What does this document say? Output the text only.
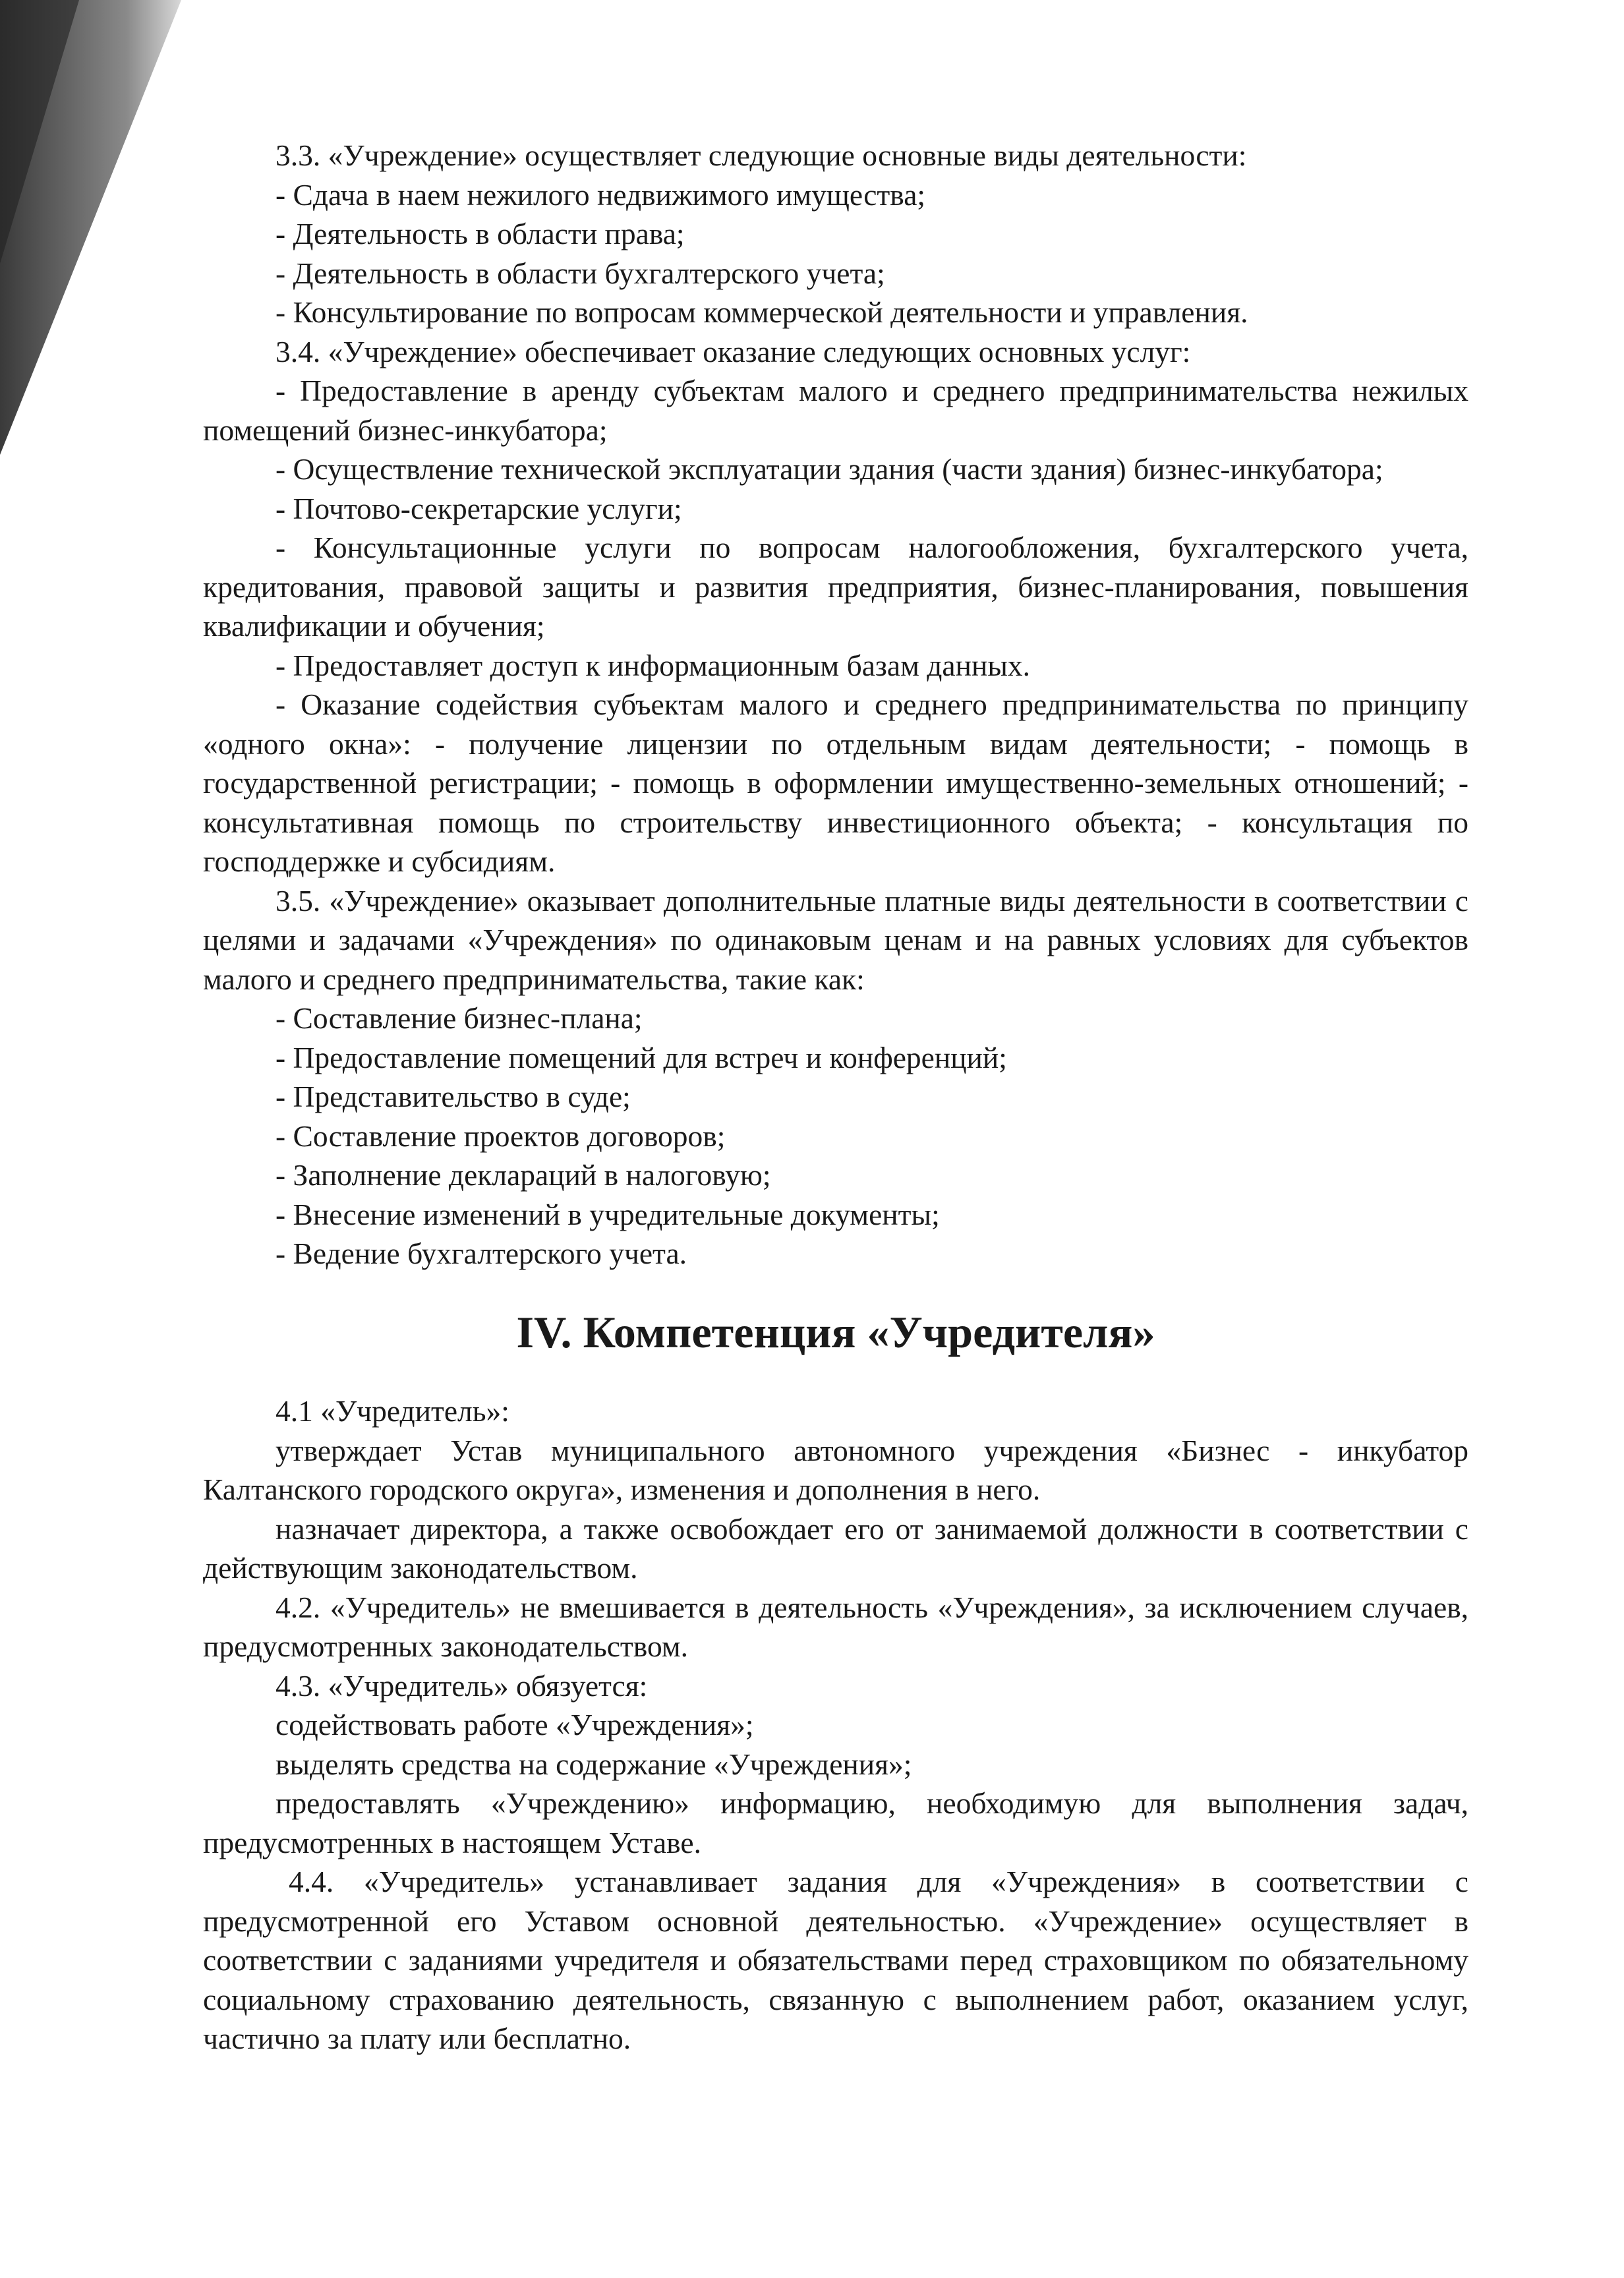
3.3. «Учреждение» осуществляет следующие основные виды деятельности:

- Сдача в наем нежилого недвижимого имущества;

- Деятельность в области права;

- Деятельность в области бухгалтерского учета;

- Консультирование по вопросам коммерческой деятельности и управления.

3.4. «Учреждение» обеспечивает оказание следующих основных услуг:

- Предоставление в аренду субъектам малого и среднего предпринимательства нежилых помещений бизнес-инкубатора;

- Осуществление технической эксплуатации здания (части здания) бизнес-инкубатора;

- Почтово-секретарские услуги;

- Консультационные услуги по вопросам налогообложения, бухгалтерского учета, кредитования, правовой защиты и развития предприятия, бизнес-планирования, повышения квалификации и обучения;

- Предоставляет доступ к информационным базам данных.

- Оказание содействия субъектам малого и среднего предпринимательства по принципу «одного окна»: - получение лицензии по отдельным видам деятельности; - помощь в государственной регистрации; - помощь в оформлении имущественно-земельных отношений; - консультативная помощь по строительству инвестиционного объекта; - консультация по господдержке и субсидиям.

3.5. «Учреждение» оказывает дополнительные платные виды деятельности в соответствии с целями и задачами «Учреждения» по одинаковым ценам и на равных условиях для субъектов малого и среднего предпринимательства, такие как:

- Составление бизнес-плана;

- Предоставление помещений для встреч и конференций;

- Представительство в суде;

- Составление проектов договоров;

- Заполнение деклараций в налоговую;

- Внесение изменений в учредительные документы;

- Ведение бухгалтерского учета.

IV. Компетенция «Учредителя»

4.1 «Учредитель»:

утверждает Устав муниципального автономного учреждения «Бизнес - инкубатор Калтанского городского округа», изменения и дополнения в него.

назначает директора, а также освобождает его от занимаемой должности в соответствии с действующим законодательством.

4.2. «Учредитель» не вмешивается в деятельность «Учреждения», за исключением случаев, предусмотренных законодательством.

4.3. «Учредитель» обязуется:

содействовать работе «Учреждения»;

выделять средства на содержание «Учреждения»;

предоставлять «Учреждению» информацию, необходимую для выполнения задач, предусмотренных в настоящем Уставе.

4.4. «Учредитель» устанавливает задания для «Учреждения» в соответствии с предусмотренной его Уставом основной деятельностью. «Учреждение» осуществляет в соответствии с заданиями учредителя и обязательствами перед страховщиком по обязательному социальному страхованию деятельность, связанную с выполнением работ, оказанием услуг, частично за плату или бесплатно.
